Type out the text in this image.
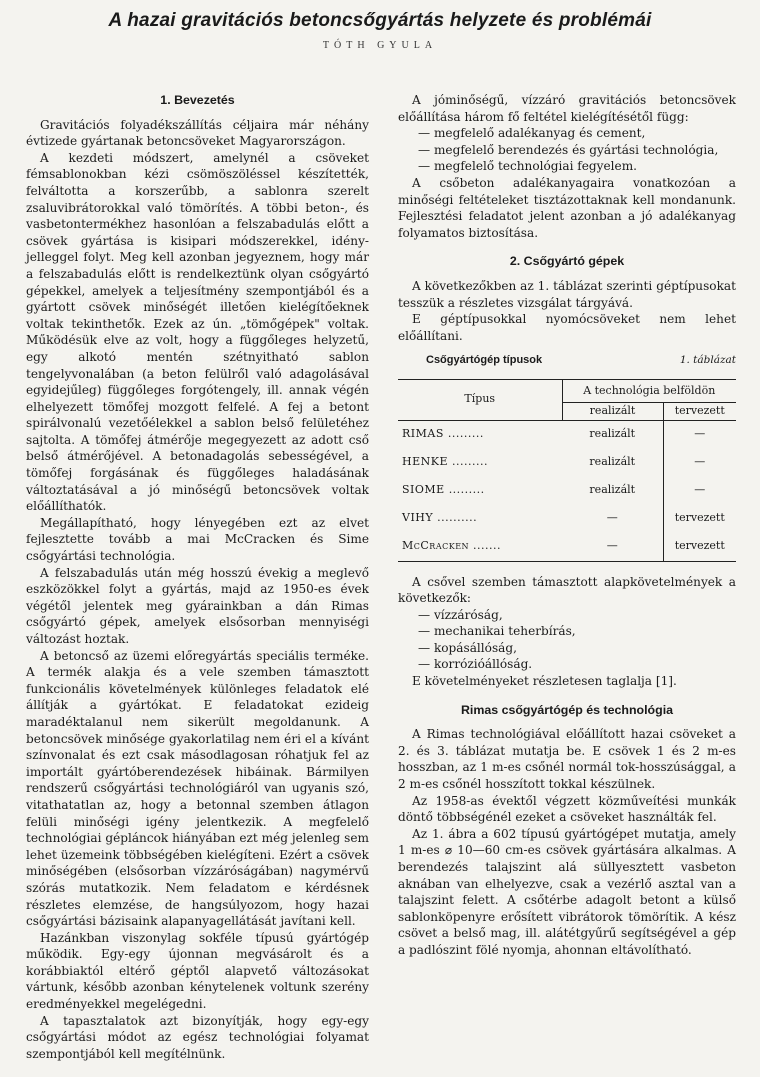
A hazai gravitációs betoncsőgyártás helyzete és problémái
TÓTH GYULA
1. Bevezetés

Gravitációs folyadékszállítás céljaira már néhány évtizede gyártanak betoncsöveket Magyarországon.

A kezdeti módszert, amelynél a csöveket fémsablonokban kézi csömöszöléssel készítették, felváltotta a korszerűbb, a sablonra szerelt zsaluvibrátorokkal való tömörítés. A többi beton-, és vasbetontermékhez hasonlóan a felszabadulás előtt a csövek gyártása is kisipari módszerekkel, idény-jelleggel folyt. Meg kell azonban jegyeznem, hogy már a felszabadulás előtt is rendelkeztünk olyan csőgyártó gépekkel, amelyek a teljesítmény szempontjából és a gyártott csövek minőségét illetően kielégítőeknek voltak tekinthetők. Ezek az ún. „tömőgépek" voltak. Működésük elve az volt, hogy a függőleges helyzetű, egy alkotó mentén szétnyitható sablon tengelyvonalában (a beton felülről való adagolásával egyidejűleg) függőleges forgótengely, ill. annak végén elhelyezett tömőfej mozgott felfelé. A fej a betont spirálvonalú vezetőélekkel a sablon belső felületéhez sajtolta. A tömőfej átmérője megegyezett az adott cső belső átmérőjével. A betonadagolás sebességével, a tömőfej forgásának és függőleges haladásának változtatásával a jó minőségű betoncsövek voltak előállíthatók.

Megállapítható, hogy lényegében ezt az elvet fejlesztette tovább a mai McCracken és Sime csőgyártási technológia.

A felszabadulás után még hosszú évekig a meglevő eszközökkel folyt a gyártás, majd az 1950-es évek végétől jelentek meg gyárainkban a dán Rimas csőgyártó gépek, amelyek elsősorban mennyiségi változást hoztak.

A betoncső az üzemi előregyártás speciális terméke. A termék alakja és a vele szemben támasztott funkcionális követelmények különleges feladatok elé állítják a gyártókat. E feladatokat ezideig maradéktalanul nem sikerült megoldanunk. A betoncsövek minősége gyakorlatilag nem éri el a kívánt színvonalat és ezt csak másodlagosan róhatjuk fel az importált gyártóberendezések hibáinak. Bármilyen rendszerű csőgyártási technológiáról van ugyanis szó, vitathatatlan az, hogy a betonnal szemben átlagon felüli minőségi igény jelentkezik. A megfelelő technológiai gépláncok hiányában ezt még jelenleg sem lehet üzemeink többségében kielégíteni. Ezért a csövek minőségében (elsősorban vízzáróságában) nagymérvű szórás mutatkozik. Nem feladatom e kérdésnek részletes elemzése, de hangsúlyozom, hogy hazai csőgyártási bázisaink alapanyagellátását javítani kell.

Hazánkban viszonylag sokféle típusú gyártógép működik. Egy-egy újonnan megvásárolt és a korábbiaktól eltérő géptől alapvető változásokat vártunk, később azonban kénytelenek voltunk szerény eredményekkel megelégedni.

A tapasztalatok azt bizonyítják, hogy egy-egy csőgyártási módot az egész technológiai folyamat szempontjából kell megítélnünk.

A jóminőségű, vízzáró gravitációs betoncsövek előállítása három fő feltétel kielégítésétől függ:

— megfelelő adalékanyag és cement,
— megfelelő berendezés és gyártási technológia,
— megfelelő technológiai fegyelem.

A csőbeton adalékanyagaira vonatkozóan a minőségi feltételeket tisztázottaknak kell mondanunk. Fejlesztési feladatot jelent azonban a jó adalékanyag folyamatos biztosítása.

2. Csőgyártó gépek

A következőkben az 1. táblázat szerinti géptípusokat tesszük a részletes vizsgálat tárgyává.

E géptípusokkal nyomócsöveket nem lehet előállítani.

Csőgyártógép típusok	1. táblázat
Típus	A technológia belföldön	
	realizált	tervezett
RIMAS .........	realizált	—
HENKE .........	realizált	—
SIOME .........	realizált	—
VIHY ..........	—	tervezett
McCracken .......	—	tervezett

A csővel szemben támasztott alapkövetelmények a következők:

— vízzáróság,
— mechanikai teherbírás,
— kopásállóság,
— korrózióállóság.

E követelményeket részletesen taglalja [1].

Rimas csőgyártógép és technológia

A Rimas technológiával előállított hazai csöveket a 2. és 3. táblázat mutatja be. E csövek 1 és 2 m-es hosszban, az 1 m-es csőnél normál tok-hosszúsággal, a 2 m-es csőnél hosszított tokkal készülnek.

Az 1958-as évektől végzett közműveítési munkák döntő többségénél ezeket a csöveket használták fel.

Az 1. ábra a 602 típusú gyártógépet mutatja, amely 1 m-es ⌀ 10—60 cm-es csövek gyártására alkalmas. A berendezés talajszint alá süllyesztett vasbeton aknában van elhelyezve, csak a vezérlő asztal van a talajszint felett. A csőtérbe adagolt betont a külső sablonköpenyre erősített vibrátorok tömörítik. A kész csövet a belső mag, ill. alátétgyűrű segítségével a gép a padlószint fölé nyomja, ahonnan eltávolítható.
